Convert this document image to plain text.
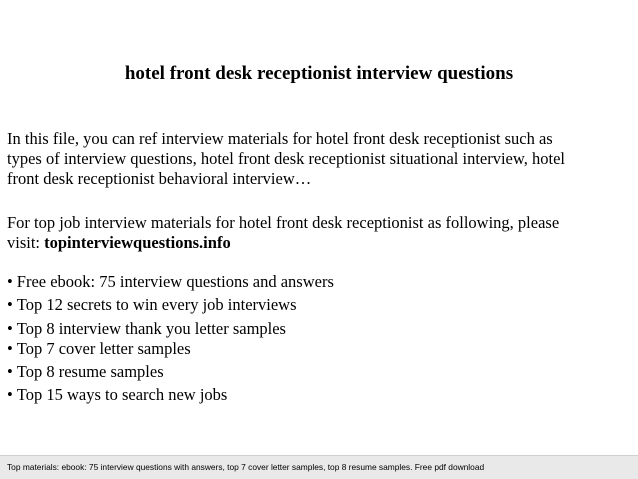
hotel front desk receptionist interview questions

In this file, you can ref interview materials for hotel front desk receptionist such as
types of interview questions, hotel front desk receptionist situational interview, hotel
front desk receptionist behavioral interview…

For top job interview materials for hotel front desk receptionist as following, please
visit: topinterviewquestions.info

• Free ebook: 75 interview questions and answers
• Top 12 secrets to win every job interviews
• Top 8 interview thank you letter samples
• Top 7 cover letter samples
• Top 8 resume samples
• Top 15 ways to search new jobs
Top materials: ebook: 75 interview questions with answers, top 7 cover letter samples, top 8 resume samples. Free pdf download
